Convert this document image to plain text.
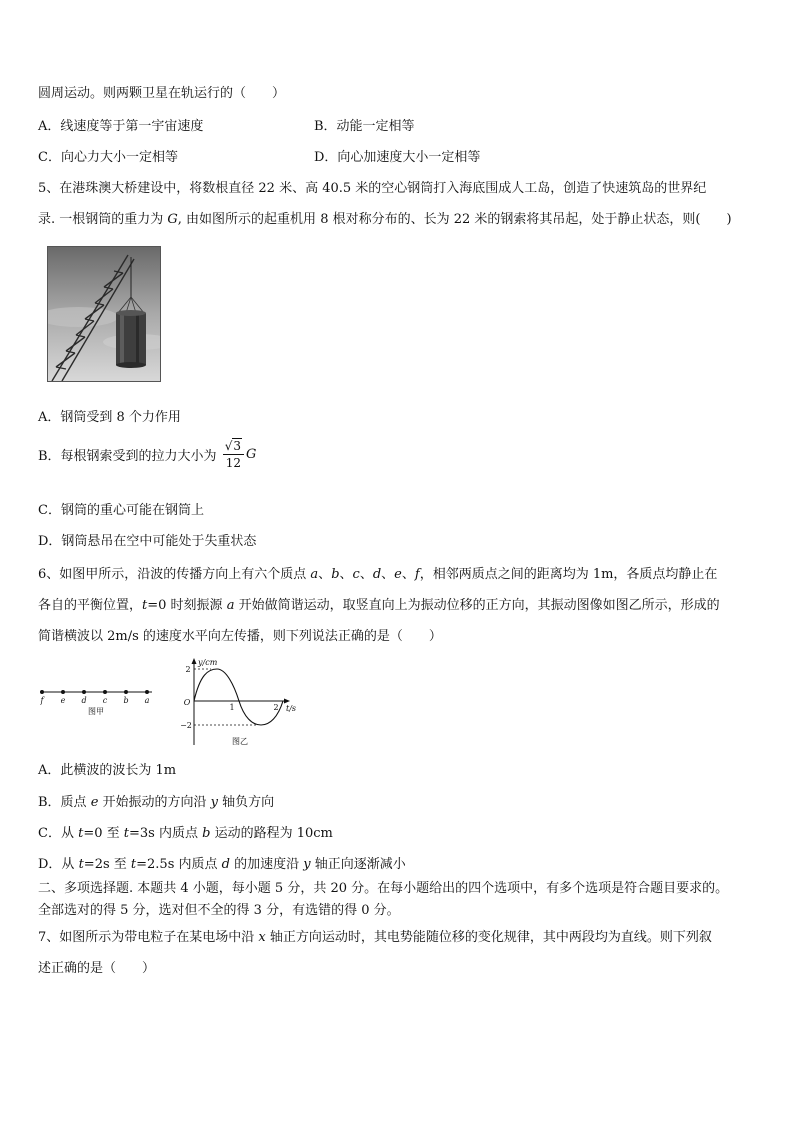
圆周运动。则两颗卫星在轨运行的（　　）
A．线速度等于第一宇宙速度	B．动能一定相等
C．向心力大小一定相等	D．向心加速度大小一定相等
5、在港珠澳大桥建设中，将数根直径 22 米、高 40.5 米的空心钢筒打入海底围成人工岛，创造了快速筑岛的世界纪
录. 一根钢筒的重力为 G, 由如图所示的起重机用 8 根对称分布的、长为 22 米的钢索将其吊起，处于静止状态，则(　　)
A．钢筒受到 8 个力作用
B．每根钢索受到的拉力大小为 $\frac{√3}{12}$ G
C．钢筒的重心可能在钢筒上
D．钢筒悬吊在空中可能处于失重状态
6、如图甲所示，沿波的传播方向上有六个质点 a、b、c、d、e、f，相邻两质点之间的距离均为 1m，各质点均静止在
各自的平衡位置，t=0 时刻振源 a 开始做简谐运动，取竖直向上为振动位移的正方向，其振动图像如图乙所示，形成的
简谐横波以 2m/s 的速度水平向左传播，则下列说法正确的是（　　）
f e d c b a
图甲
y/cm
t/s
2
−2
O
1	2
图乙
A．此横波的波长为 1m
B．质点 e 开始振动的方向沿 y 轴负方向
C．从 t=0 至 t=3s 内质点 b 运动的路程为 10cm
D．从 t=2s 至 t=2.5s 内质点 d 的加速度沿 y 轴正向逐渐减小
二、多项选择题. 本题共 4 小题，每小题 5 分，共 20 分。在每小题给出的四个选项中，有多个选项是符合题目要求的。
全部选对的得 5 分，选对但不全的得 3 分，有选错的得 0 分。
7、如图所示为带电粒子在某电场中沿 x 轴正方向运动时，其电势能随位移的变化规律，其中两段均为直线。则下列叙
述正确的是（　　）
